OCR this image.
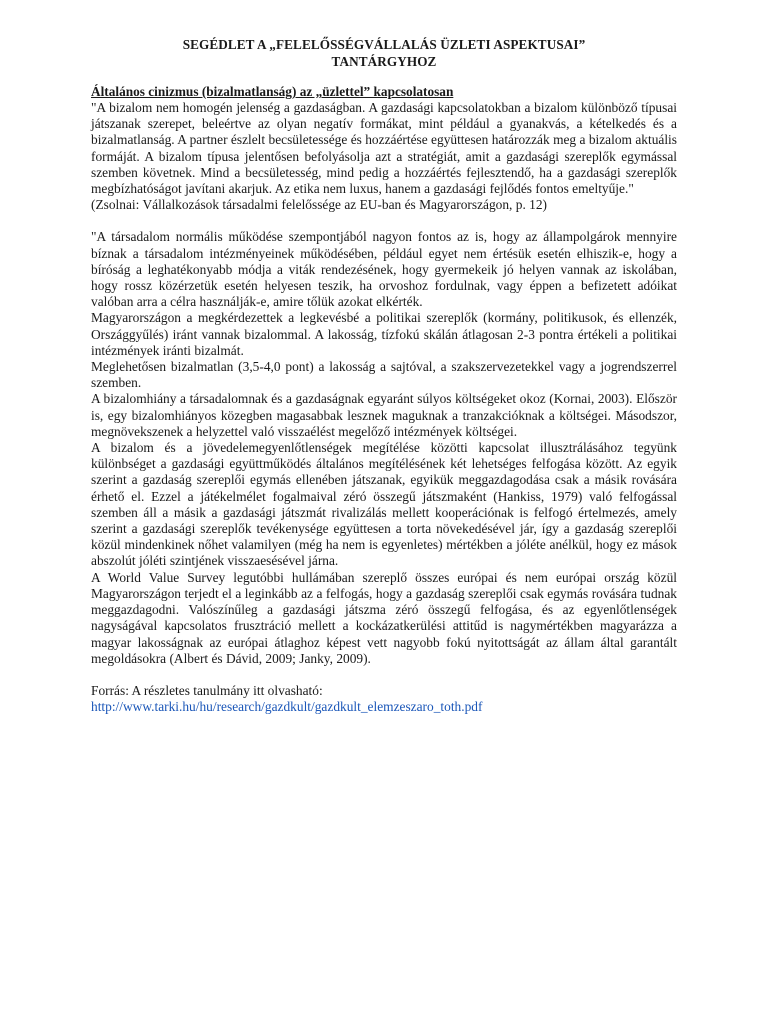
SEGÉDLET A „FELELŐSSÉGVÁLLALÁS ÜZLETI ASPEKTUSAI”

TANTÁRGYHOZ

Általános cinizmus (bizalmatlanság) az „üzlettel” kapcsolatosan

"A bizalom nem homogén jelenség a gazdaságban. A gazdasági kapcsolatokban a bizalom különböző típusai játszanak szerepet, beleértve az olyan negatív formákat, mint például a gyanakvás, a kételkedés és a bizalmatlanság. A partner észlelt becsületessége és hozzáértése együttesen határozzák meg a bizalom aktuális formáját. A bizalom típusa jelentősen befolyásolja azt a stratégiát, amit a gazdasági szereplők egymással szemben követnek. Mind a becsületesség, mind pedig a hozzáértés fejlesztendő, ha a gazdasági szereplők megbízhatóságot javítani akarjuk. Az etika nem luxus, hanem a gazdasági fejlődés fontos emeltyűje."

(Zsolnai: Vállalkozások társadalmi felelőssége az EU-ban és Magyarországon, p. 12)

"A társadalom normális működése szempontjából nagyon fontos az is, hogy az állampolgárok mennyire bíznak a társadalom intézményeinek működésében, például egyet nem értésük esetén elhiszik-e, hogy a bíróság a leghatékonyabb módja a viták rendezésének, hogy gyermekeik jó helyen vannak az iskolában, hogy rossz közérzetük esetén helyesen teszik, ha orvoshoz fordulnak, vagy éppen a befizetett adóikat valóban arra a célra használják-e, amire tőlük azokat elkérték.

Magyarországon a megkérdezettek a legkevésbé a politikai szereplők (kormány, politikusok, és ellenzék, Országgyűlés) iránt vannak bizalommal. A lakosság, tízfokú skálán átlagosan 2-3 pontra értékeli a politikai intézmények iránti bizalmát.

Meglehetősen bizalmatlan (3,5-4,0 pont) a lakosság a sajtóval, a szakszervezetekkel vagy a jogrendszerrel szemben.

A bizalomhiány a társadalomnak és a gazdaságnak egyaránt súlyos költségeket okoz (Kornai, 2003). Először is, egy bizalomhiányos közegben magasabbak lesznek maguknak a tranzakcióknak a költségei. Másodszor, megnövekszenek a helyzettel való visszaélést megelőző intézmények költségei.

A bizalom és a jövedelemegyenlőtlenségek megítélése közötti kapcsolat illusztrálásához tegyünk különbséget a gazdasági együttműködés általános megítélésének két lehetséges felfogása között. Az egyik szerint a gazdaság szereplői egymás ellenében játszanak, egyikük meggazdagodása csak a másik rovására érhető el. Ezzel a játékelmélet fogalmaival zéró összegű játszmaként (Hankiss, 1979) való felfogással szemben áll a másik a gazdasági játszmát rivalizálás mellett kooperációnak is felfogó értelmezés, amely szerint a gazdasági szereplők tevékenysége együttesen a torta növekedésével jár, így a gazdaság szereplői közül mindenkinek nőhet valamilyen (még ha nem is egyenletes) mértékben a jóléte anélkül, hogy ez mások abszolút jóléti szintjének visszaesésével járna.

A World Value Survey legutóbbi hullámában szereplő összes európai és nem európai ország közül Magyarországon terjedt el a leginkább az a felfogás, hogy a gazdaság szereplői csak egymás rovására tudnak meggazdagodni. Valószínűleg a gazdasági játszma zéró összegű felfogása, és az egyenlőtlenségek nagyságával kapcsolatos frusztráció mellett a kockázatkerülési attitűd is nagymértékben magyarázza a magyar lakosságnak az európai átlaghoz képest vett nagyobb fokú nyitottságát az állam által garantált megoldásokra (Albert és Dávid, 2009; Janky, 2009).

Forrás: A részletes tanulmány itt olvasható:

http://www.tarki.hu/hu/research/gazdkult/gazdkult_elemzeszaro_toth.pdf
